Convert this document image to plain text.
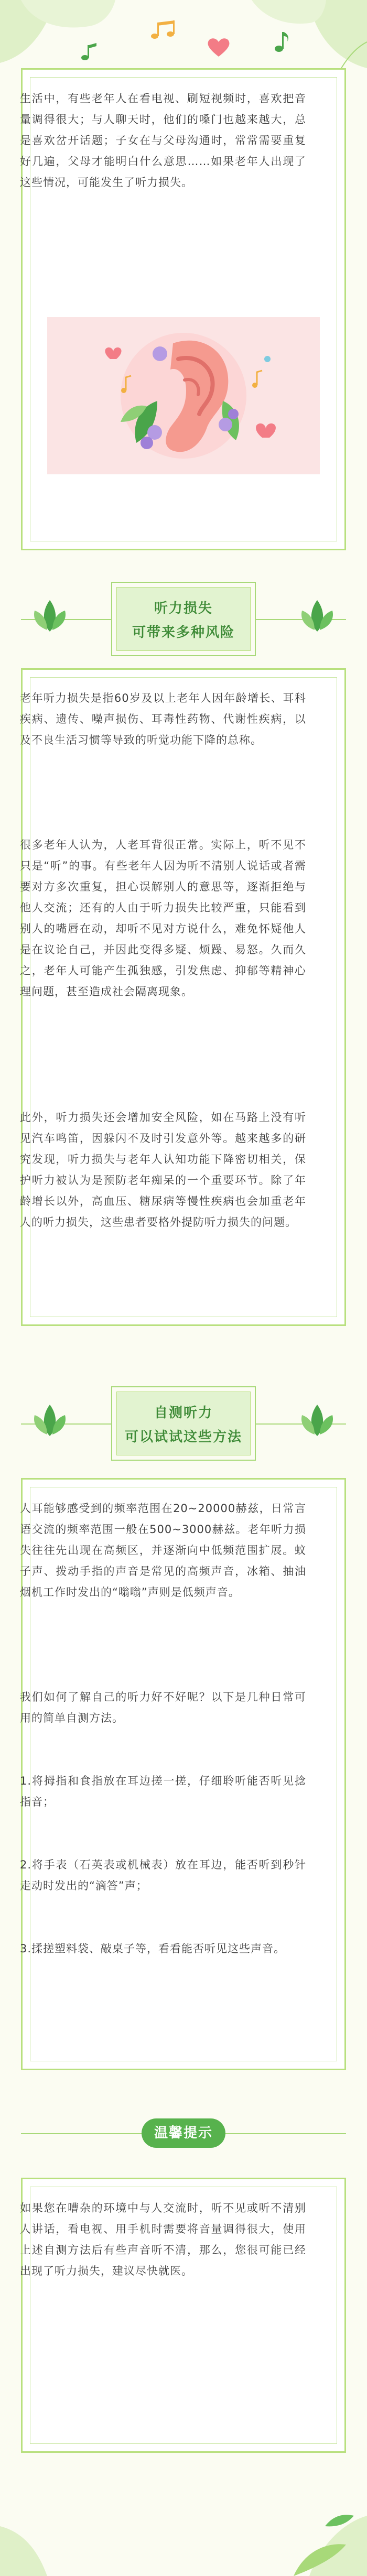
生活中，有些老年人在看电视、刷短视频时，喜欢把音量调得很大；与人聊天时，他们的嗓门也越来越大，总是喜欢岔开话题；子女在与父母沟通时，常常需要重复好几遍，父母才能明白什么意思……如果老年人出现了这些情况，可能发生了听力损失。
听力损失
可带来多种风险
老年听力损失是指60岁及以上老年人因年龄增长、耳科疾病、遗传、噪声损伤、耳毒性药物、代谢性疾病，以及不良生活习惯等导致的听觉功能下降的总称。
很多老年人认为，人老耳背很正常。实际上，听不见不只是“听”的事。有些老年人因为听不清别人说话或者需要对方多次重复，担心误解别人的意思等，逐渐拒绝与他人交流；还有的人由于听力损失比较严重，只能看到别人的嘴唇在动，却听不见对方说什么，难免怀疑他人是在议论自己，并因此变得多疑、烦躁、易怒。久而久之，老年人可能产生孤独感，引发焦虑、抑郁等精神心理问题，甚至造成社会隔离现象。
此外，听力损失还会增加安全风险，如在马路上没有听见汽车鸣笛，因躲闪不及时引发意外等。越来越多的研究发现，听力损失与老年人认知功能下降密切相关，保护听力被认为是预防老年痴呆的一个重要环节。除了年龄增长以外，高血压、糖尿病等慢性疾病也会加重老年人的听力损失，这些患者要格外提防听力损失的问题。
自测听力
可以试试这些方法
人耳能够感受到的频率范围在20~20000赫兹，日常言语交流的频率范围一般在500~3000赫兹。老年听力损失往往先出现在高频区，并逐渐向中低频范围扩展。蚊子声、拨动手指的声音是常见的高频声音，冰箱、抽油烟机工作时发出的“嗡嗡”声则是低频声音。
我们如何了解自己的听力好不好呢？以下是几种日常可用的简单自测方法。
1.将拇指和食指放在耳边搓一搓，仔细聆听能否听见捻指音；
2.将手表（石英表或机械表）放在耳边，能否听到秒针走动时发出的“滴答”声；
3.揉搓塑料袋、敲桌子等，看看能否听见这些声音。
温馨提示
如果您在嘈杂的环境中与人交流时，听不见或听不清别人讲话，看电视、用手机时需要将音量调得很大，使用上述自测方法后有些声音听不清，那么，您很可能已经出现了听力损失，建议尽快就医。
